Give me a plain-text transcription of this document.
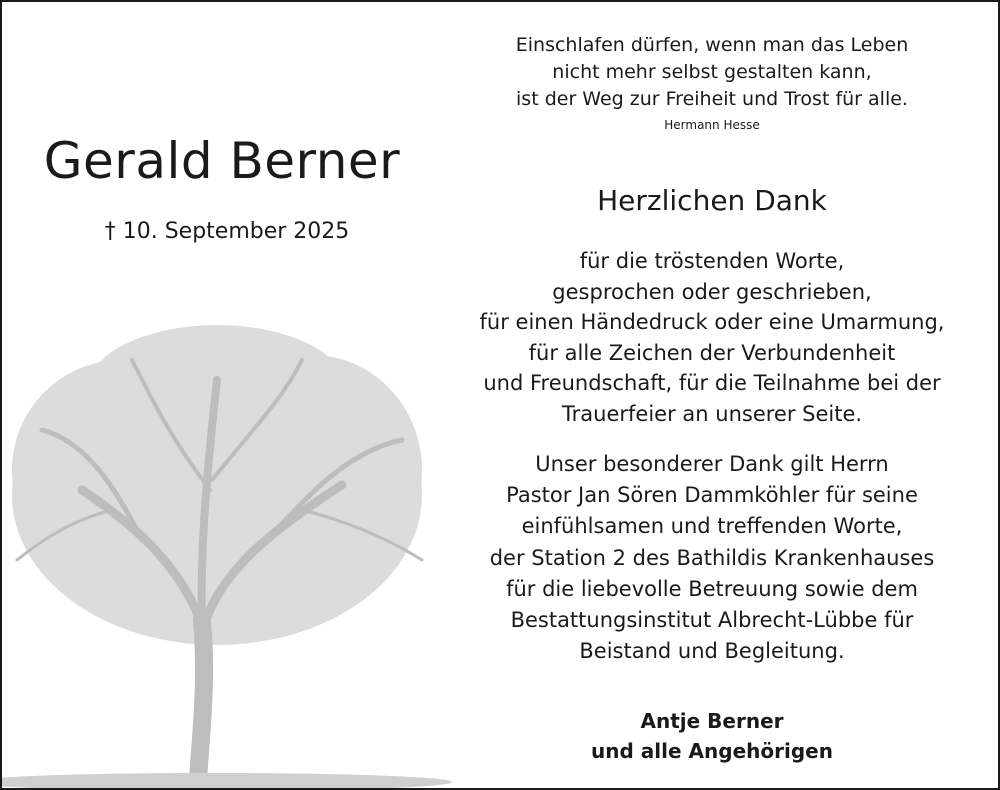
Gerald Berner
† 10. September 2025
Einschlafen dürfen, wenn man das Leben
nicht mehr selbst gestalten kann,
ist der Weg zur Freiheit und Trost für alle.
Hermann Hesse
Herzlichen Dank
für die tröstenden Worte,
gesprochen oder geschrieben,
für einen Händedruck oder eine Umarmung,
für alle Zeichen der Verbundenheit
und Freundschaft, für die Teilnahme bei der
Trauerfeier an unserer Seite.
Unser besonderer Dank gilt Herrn
Pastor Jan Sören Dammköhler für seine
einfühlsamen und treffenden Worte,
der Station 2 des Bathildis Krankenhauses
für die liebevolle Betreuung sowie dem
Bestattungsinstitut Albrecht-Lübbe für
Beistand und Begleitung.
Antje Berner
und alle Angehörigen
